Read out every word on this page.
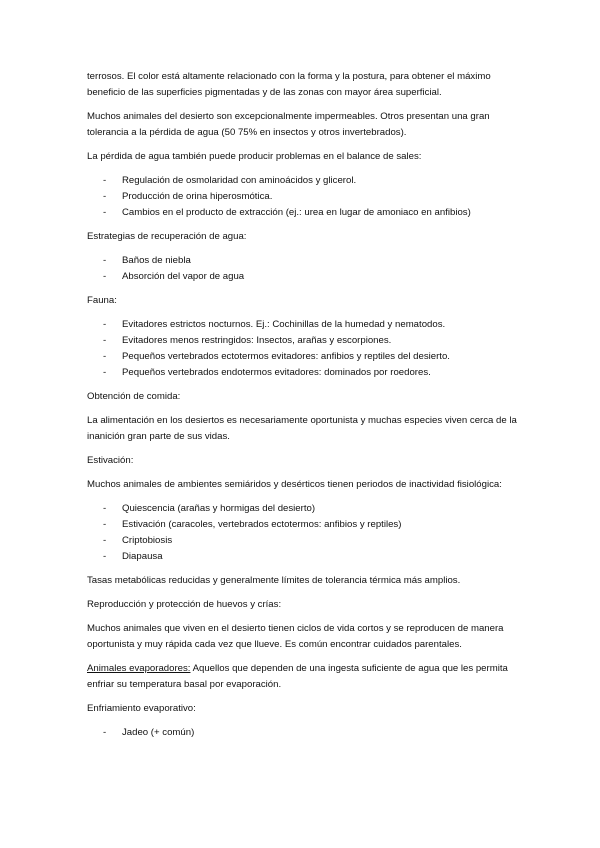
terrosos. El color está altamente relacionado con la forma y la postura, para obtener el máximo beneficio de las superficies pigmentadas y de las zonas con mayor área superficial.

Muchos animales del desierto son excepcionalmente impermeables. Otros presentan una gran tolerancia a la pérdida de agua (50 75% en insectos y otros invertebrados).

La pérdida de agua también puede producir problemas en el balance de sales:

- Regulación de osmolaridad con aminoácidos y glicerol.
- Producción de orina hiperosmótica.
- Cambios en el producto de extracción (ej.: urea en lugar de amoniaco en anfibios)

Estrategias de recuperación de agua:

- Baños de niebla
- Absorción del vapor de agua

Fauna:

- Evitadores estrictos nocturnos. Ej.: Cochinillas de la humedad y nematodos.
- Evitadores menos restringidos: Insectos, arañas y escorpiones.
- Pequeños vertebrados ectotermos evitadores: anfibios y reptiles del desierto.
- Pequeños vertebrados endotermos evitadores: dominados por roedores.

Obtención de comida:

La alimentación en los desiertos es necesariamente oportunista y muchas especies viven cerca de la inanición gran parte de sus vidas.

Estivación:

Muchos animales de ambientes semiáridos y desérticos tienen periodos de inactividad fisiológica:

- Quiescencia (arañas y hormigas del desierto)
- Estivación (caracoles, vertebrados ectotermos: anfibios y reptiles)
- Criptobiosis
- Diapausa

Tasas metabólicas reducidas y generalmente límites de tolerancia térmica más amplios.

Reproducción y protección de huevos y crías:

Muchos animales que viven en el desierto tienen ciclos de vida cortos y se reproducen de manera oportunista y muy rápida cada vez que llueve. Es común encontrar cuidados parentales.

Animales evaporadores: Aquellos que dependen de una ingesta suficiente de agua que les permita enfriar su temperatura basal por evaporación.

Enfriamiento evaporativo:

- Jadeo (+ común)
